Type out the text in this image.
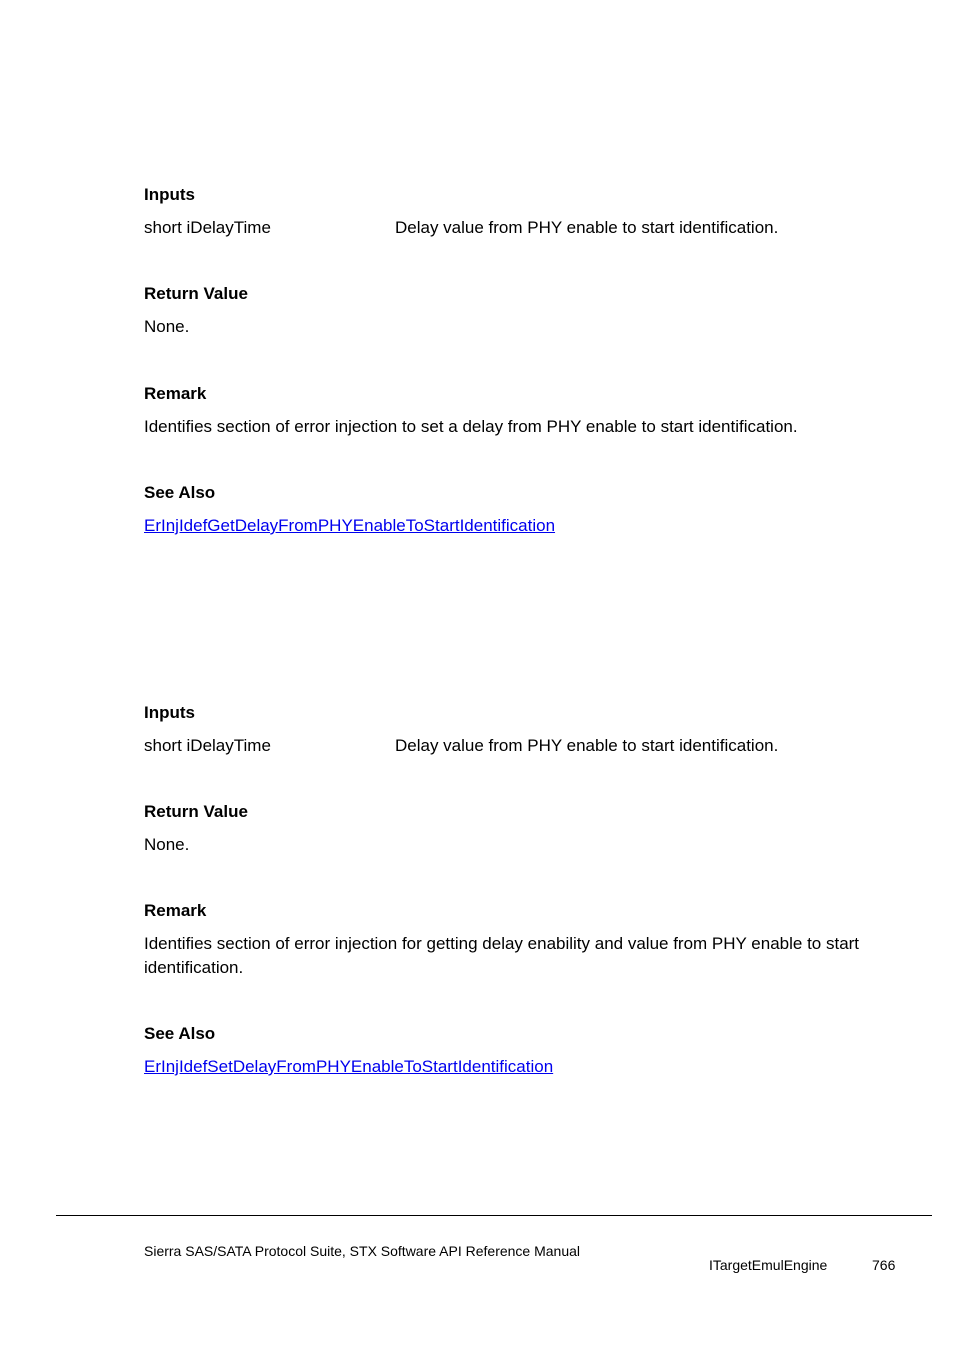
Inputs
short iDelayTime	Delay value from PHY enable to start identification.
Return Value
None.
Remark
Identifies section of error injection to set a delay from PHY enable to start identification.
See Also
ErInjIdefGetDelayFromPHYEnableToStartIdentification
Inputs
short iDelayTime	Delay value from PHY enable to start identification.
Return Value
None.
Remark
Identifies section of error injection for getting delay enability and value from PHY enable to start identification.
See Also
ErInjIdefSetDelayFromPHYEnableToStartIdentification
Sierra SAS/SATA Protocol Suite, STX Software API Reference Manual
ITargetEmulEngine	766
